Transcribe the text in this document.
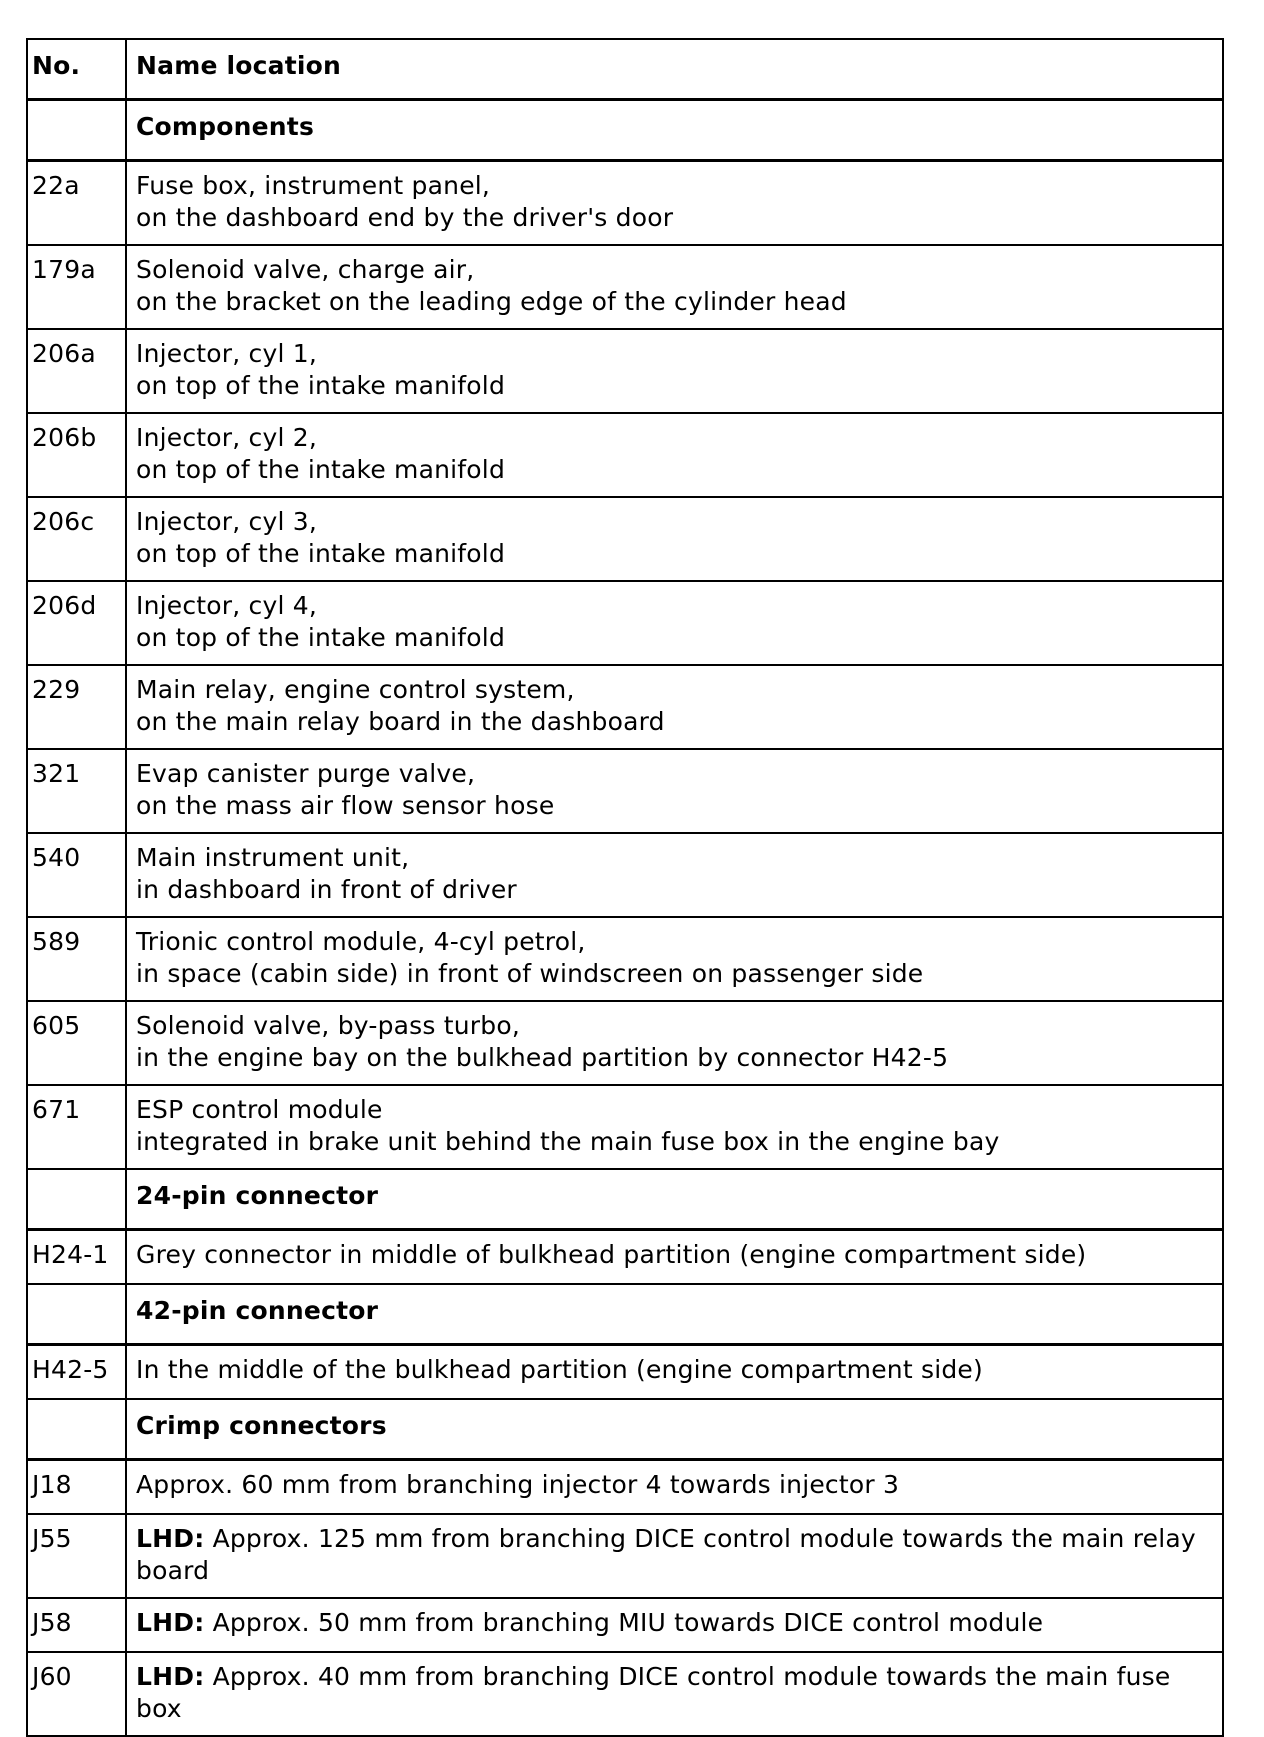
No.	Name location
	Components
22a	Fuse box, instrument panel,
on the dashboard end by the driver's door

179a	Solenoid valve, charge air,
on the bracket on the leading edge of the cylinder head

206a	Injector, cyl 1,
on top of the intake manifold

206b	Injector, cyl 2,
on top of the intake manifold

206c	Injector, cyl 3,
on top of the intake manifold

206d	Injector, cyl 4,
on top of the intake manifold

229	Main relay, engine control system,
on the main relay board in the dashboard

321	Evap canister purge valve,
on the mass air flow sensor hose

540	Main instrument unit,
in dashboard in front of driver

589	Trionic control module, 4-cyl petrol,
in space (cabin side) in front of windscreen on passenger side

605	Solenoid valve, by-pass turbo,
in the engine bay on the bulkhead partition by connector H42-5

671	ESP control module
integrated in brake unit behind the main fuse box in the engine bay

	24-pin connector
H24-1	Grey connector in middle of bulkhead partition (engine compartment side)

	42-pin connector
H42-5	In the middle of the bulkhead partition (engine compartment side)

	Crimp connectors
J18	Approx. 60 mm from branching injector 4 towards injector 3

J55	LHD: Approx. 125 mm from branching DICE control module towards the main relay board
J58	LHD: Approx. 50 mm from branching MIU towards DICE control module
J60	LHD: Approx. 40 mm from branching DICE control module towards the main fuse box
